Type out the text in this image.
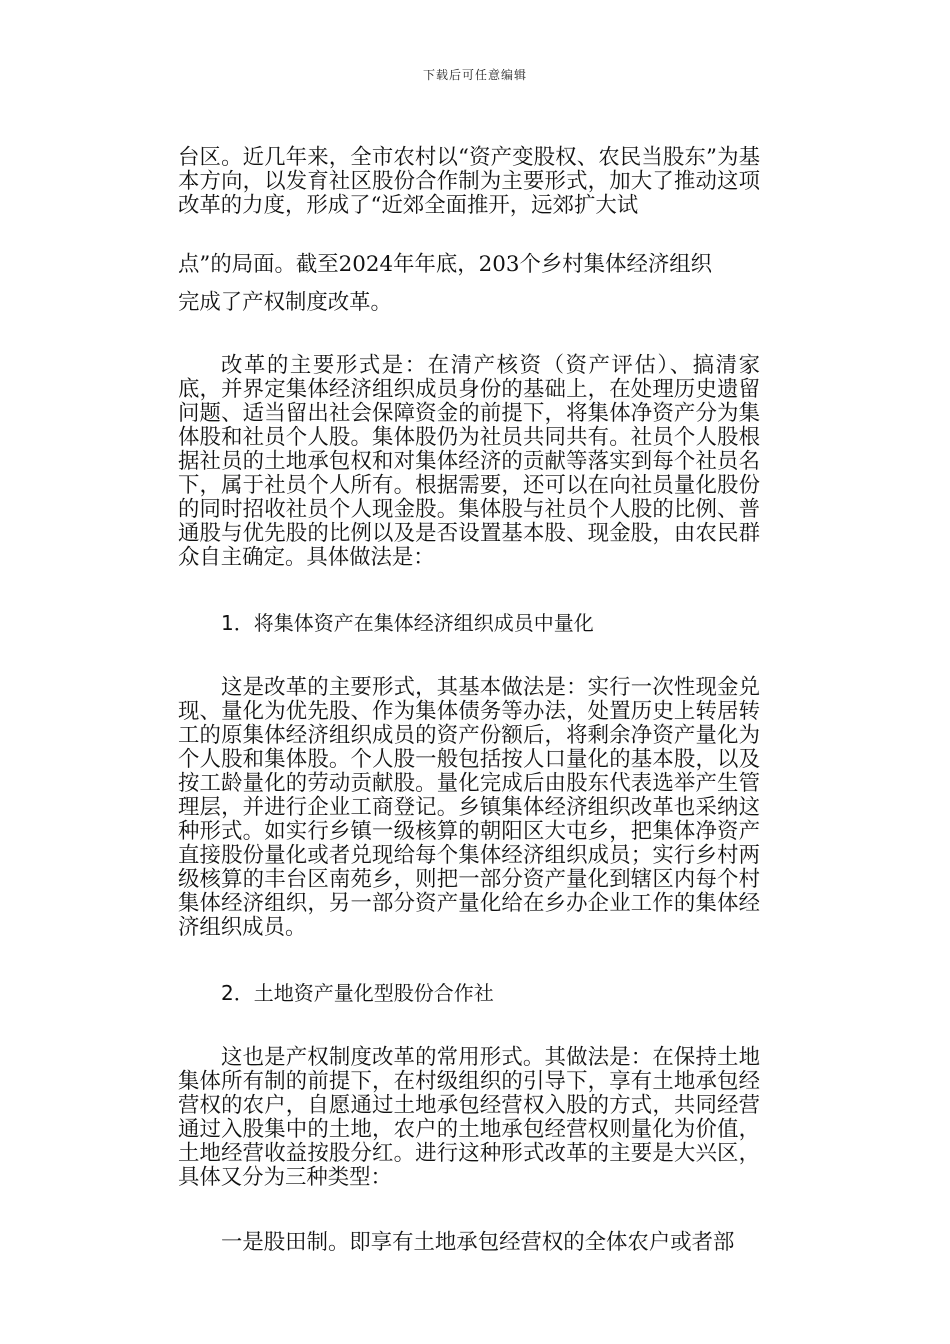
下载后可任意编辑

台区。近几年来，全市农村以“资产变股权、农民当股东”为基本方向，以发育社区股份合作制为主要形式，加大了推动这项改革的力度，形成了“近郊全面推开，远郊扩大试

点”的局面。截至2024年年底，203个乡村集体经济组织

完成了产权制度改革。

改革的主要形式是：在清产核资（资产评估）、搞清家底，并界定集体经济组织成员身份的基础上，在处理历史遗留问题、适当留出社会保障资金的前提下，将集体净资产分为集体股和社员个人股。集体股仍为社员共同共有。社员个人股根据社员的土地承包权和对集体经济的贡献等落实到每个社员名下，属于社员个人所有。根据需要，还可以在向社员量化股份的同时招收社员个人现金股。集体股与社员个人股的比例、普通股与优先股的比例以及是否设置基本股、现金股，由农民群众自主确定。具体做法是：

1．将集体资产在集体经济组织成员中量化

这是改革的主要形式，其基本做法是：实行一次性现金兑现、量化为优先股、作为集体债务等办法，处置历史上转居转工的原集体经济组织成员的资产份额后，将剩余净资产量化为个人股和集体股。个人股一般包括按人口量化的基本股，以及按工龄量化的劳动贡献股。量化完成后由股东代表选举产生管理层，并进行企业工商登记。乡镇集体经济组织改革也采纳这种形式。如实行乡镇一级核算的朝阳区大屯乡，把集体净资产直接股份量化或者兑现给每个集体经济组织成员；实行乡村两级核算的丰台区南苑乡，则把一部分资产量化到辖区内每个村集体经济组织，另一部分资产量化给在乡办企业工作的集体经济组织成员。

2．土地资产量化型股份合作社

这也是产权制度改革的常用形式。其做法是：在保持土地集体所有制的前提下，在村级组织的引导下，享有土地承包经营权的农户，自愿通过土地承包经营权入股的方式，共同经营通过入股集中的土地，农户的土地承包经营权则量化为价值，土地经营收益按股分红。进行这种形式改革的主要是大兴区，具体又分为三种类型：

一是股田制。即享有土地承包经营权的全体农户或者部
